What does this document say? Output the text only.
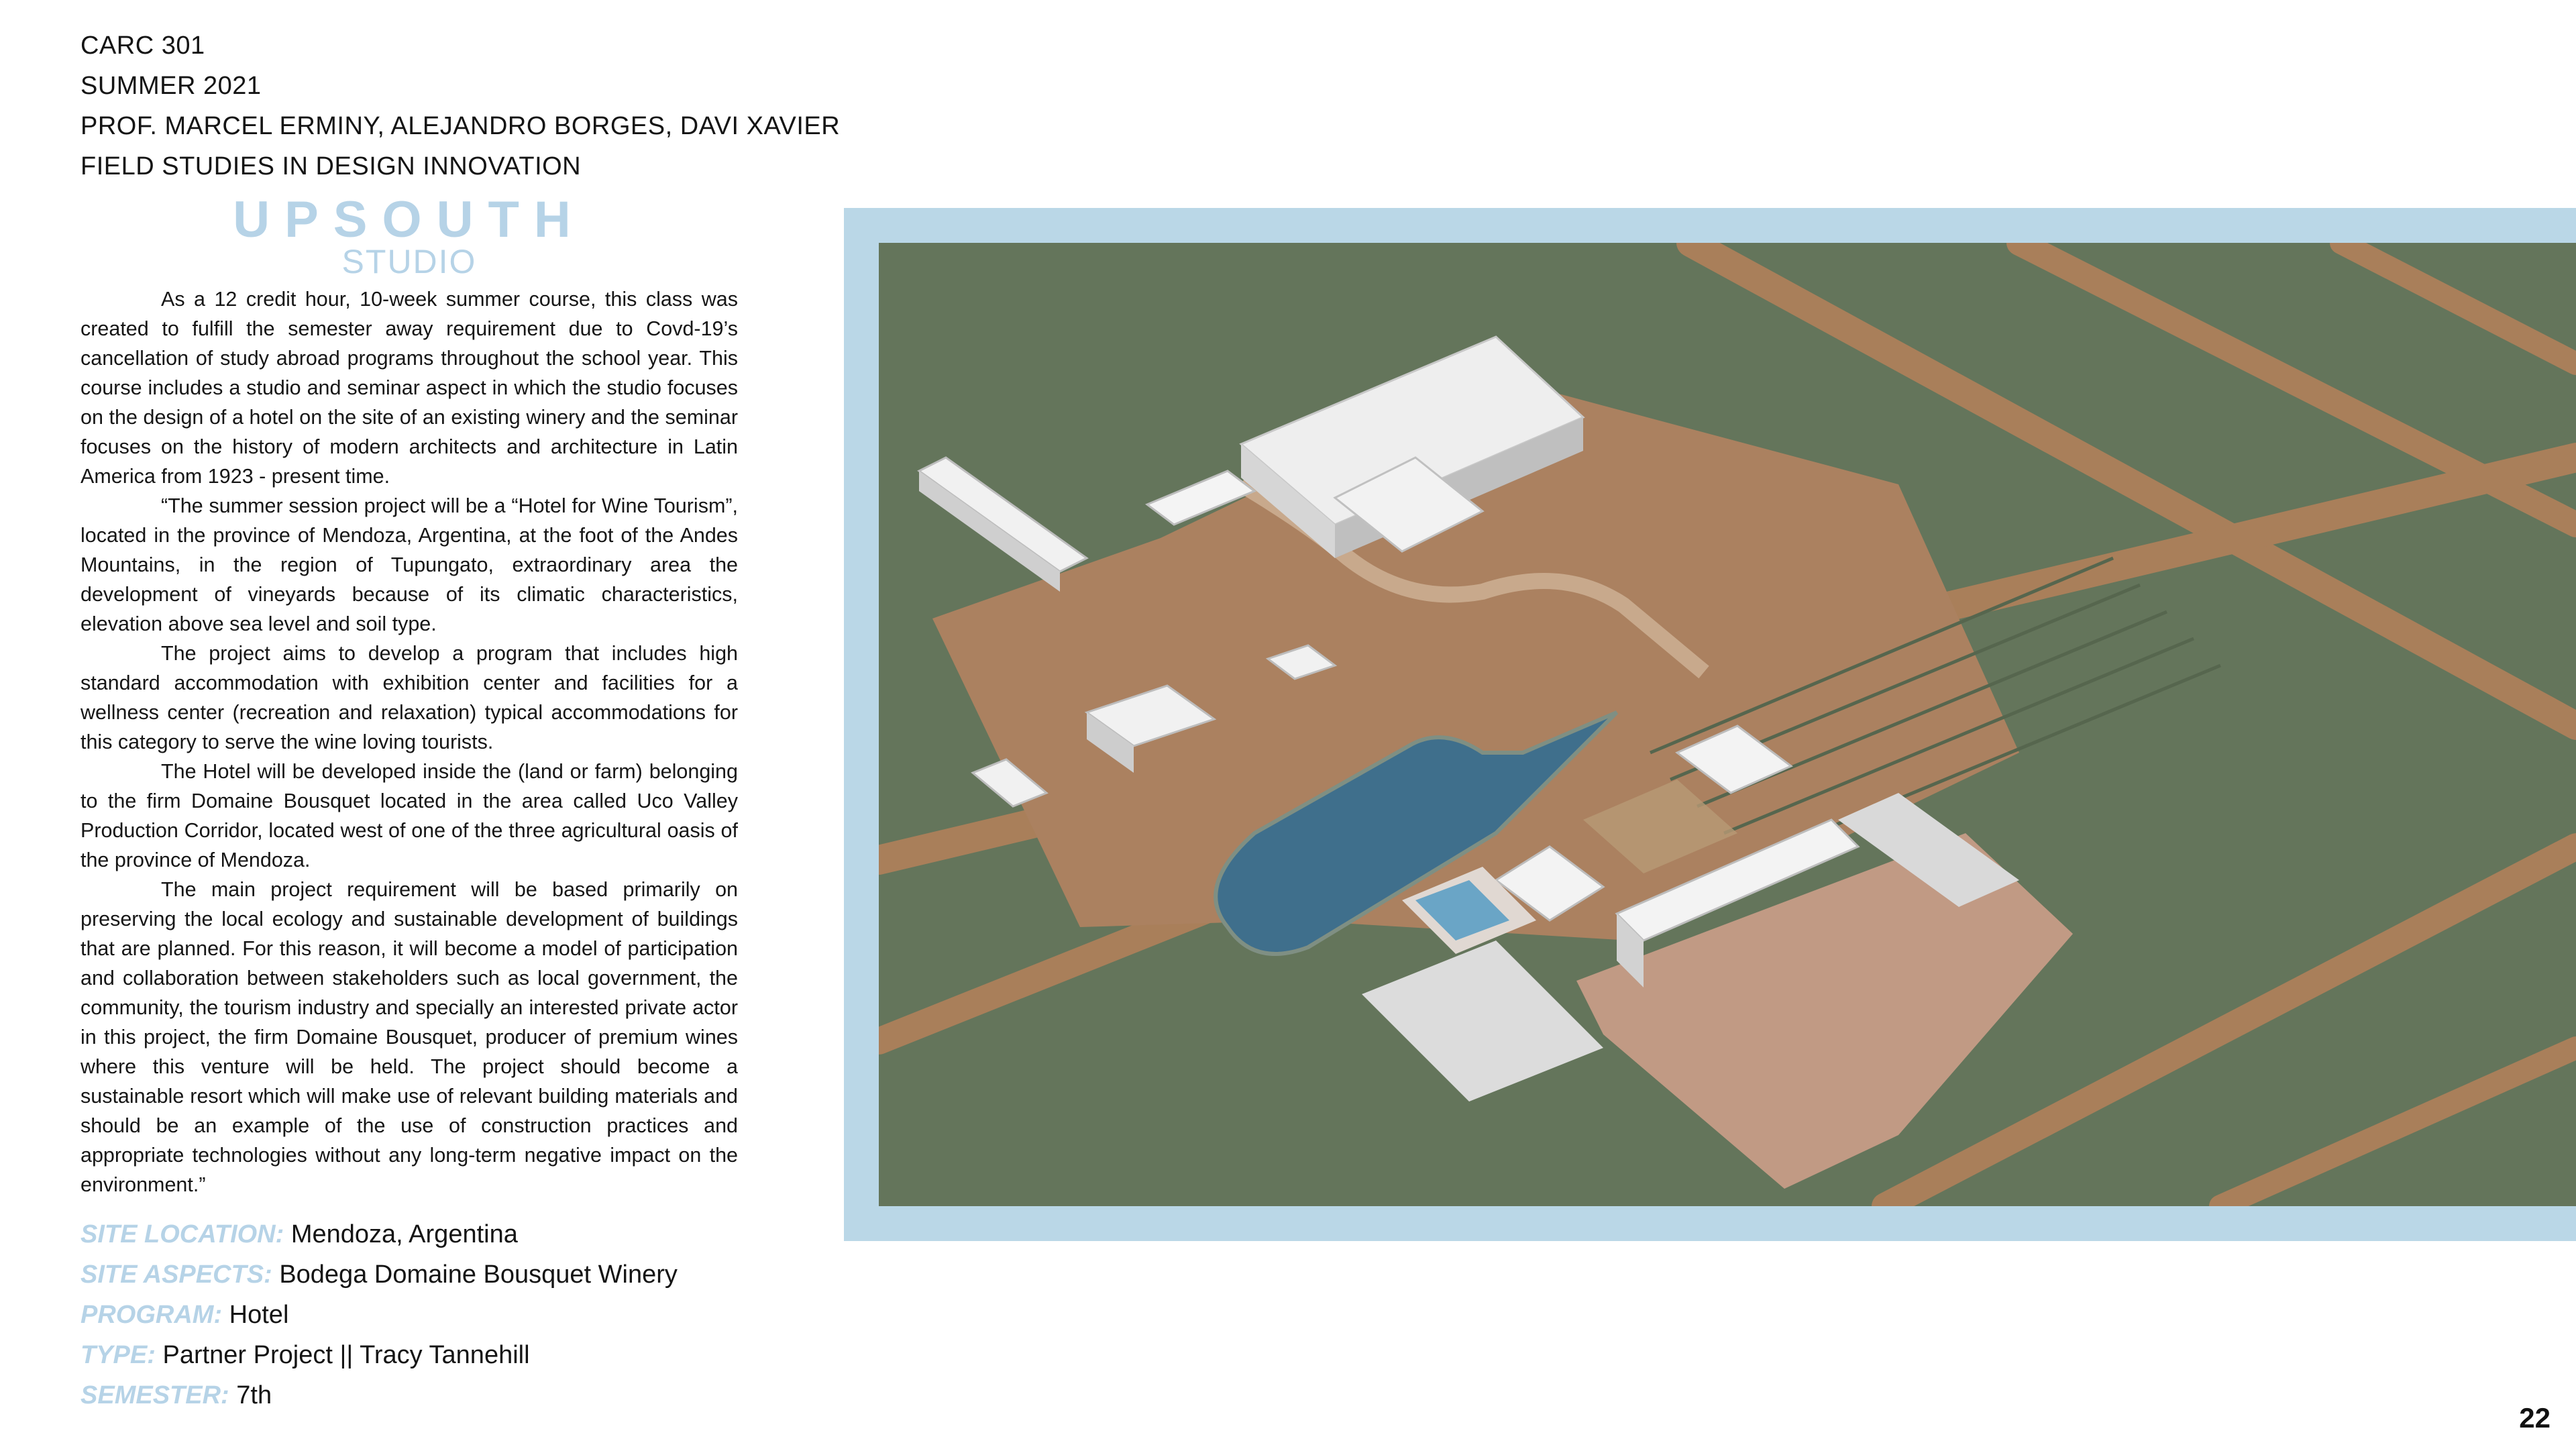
CARC 301
SUMMER 2021
PROF. MARCEL ERMINY, ALEJANDRO BORGES, DAVI XAVIER
FIELD STUDIES IN DESIGN INNOVATION
UPSOUTH
STUDIO

As a 12 credit hour, 10-week summer course, this class was created to fulfill the semester away requirement due to Covd-19’s cancellation of study abroad programs throughout the school year. This course includes a studio and seminar aspect in which the studio focuses on the design of a hotel on the site of an existing winery and the seminar focuses on the history of modern architects and architecture in Latin America from 1923 - present time.

“The summer session project will be a “Hotel for Wine Tourism”, located in the province of Mendoza, Argentina, at the foot of the Andes Mountains, in the region of Tupungato, extraordinary area the development of vineyards because of its climatic characteristics, elevation above sea level and soil type.

The project aims to develop a program that includes high standard accommodation with exhibition center and facilities for a wellness center (recreation and relaxation) typical accommodations for this category to serve the wine loving tourists.

The Hotel will be developed inside the (land or farm) belonging to the firm Domaine Bousquet located in the area called Uco Valley Production Corridor, located west of one of the three agricultural oasis of the province of Mendoza.

The main project requirement will be based primarily on preserving the local ecology and sustainable development of buildings that are planned. For this reason, it will become a model of participation and collaboration between stakeholders such as local government, the community, the tourism industry and specially an interested private actor in this project, the firm Domaine Bousquet, producer of premium wines where this venture will be held. The project should become a sustainable resort which will make use of relevant building materials and should be an example of the use of construction practices and appropriate technologies without any long-term negative impact on the environment.”

SITE LOCATION: Mendoza, Argentina
SITE ASPECTS: Bodega Domaine Bousquet Winery
PROGRAM: Hotel
TYPE: Partner Project || Tracy Tannehill
SEMESTER: 7th
22
